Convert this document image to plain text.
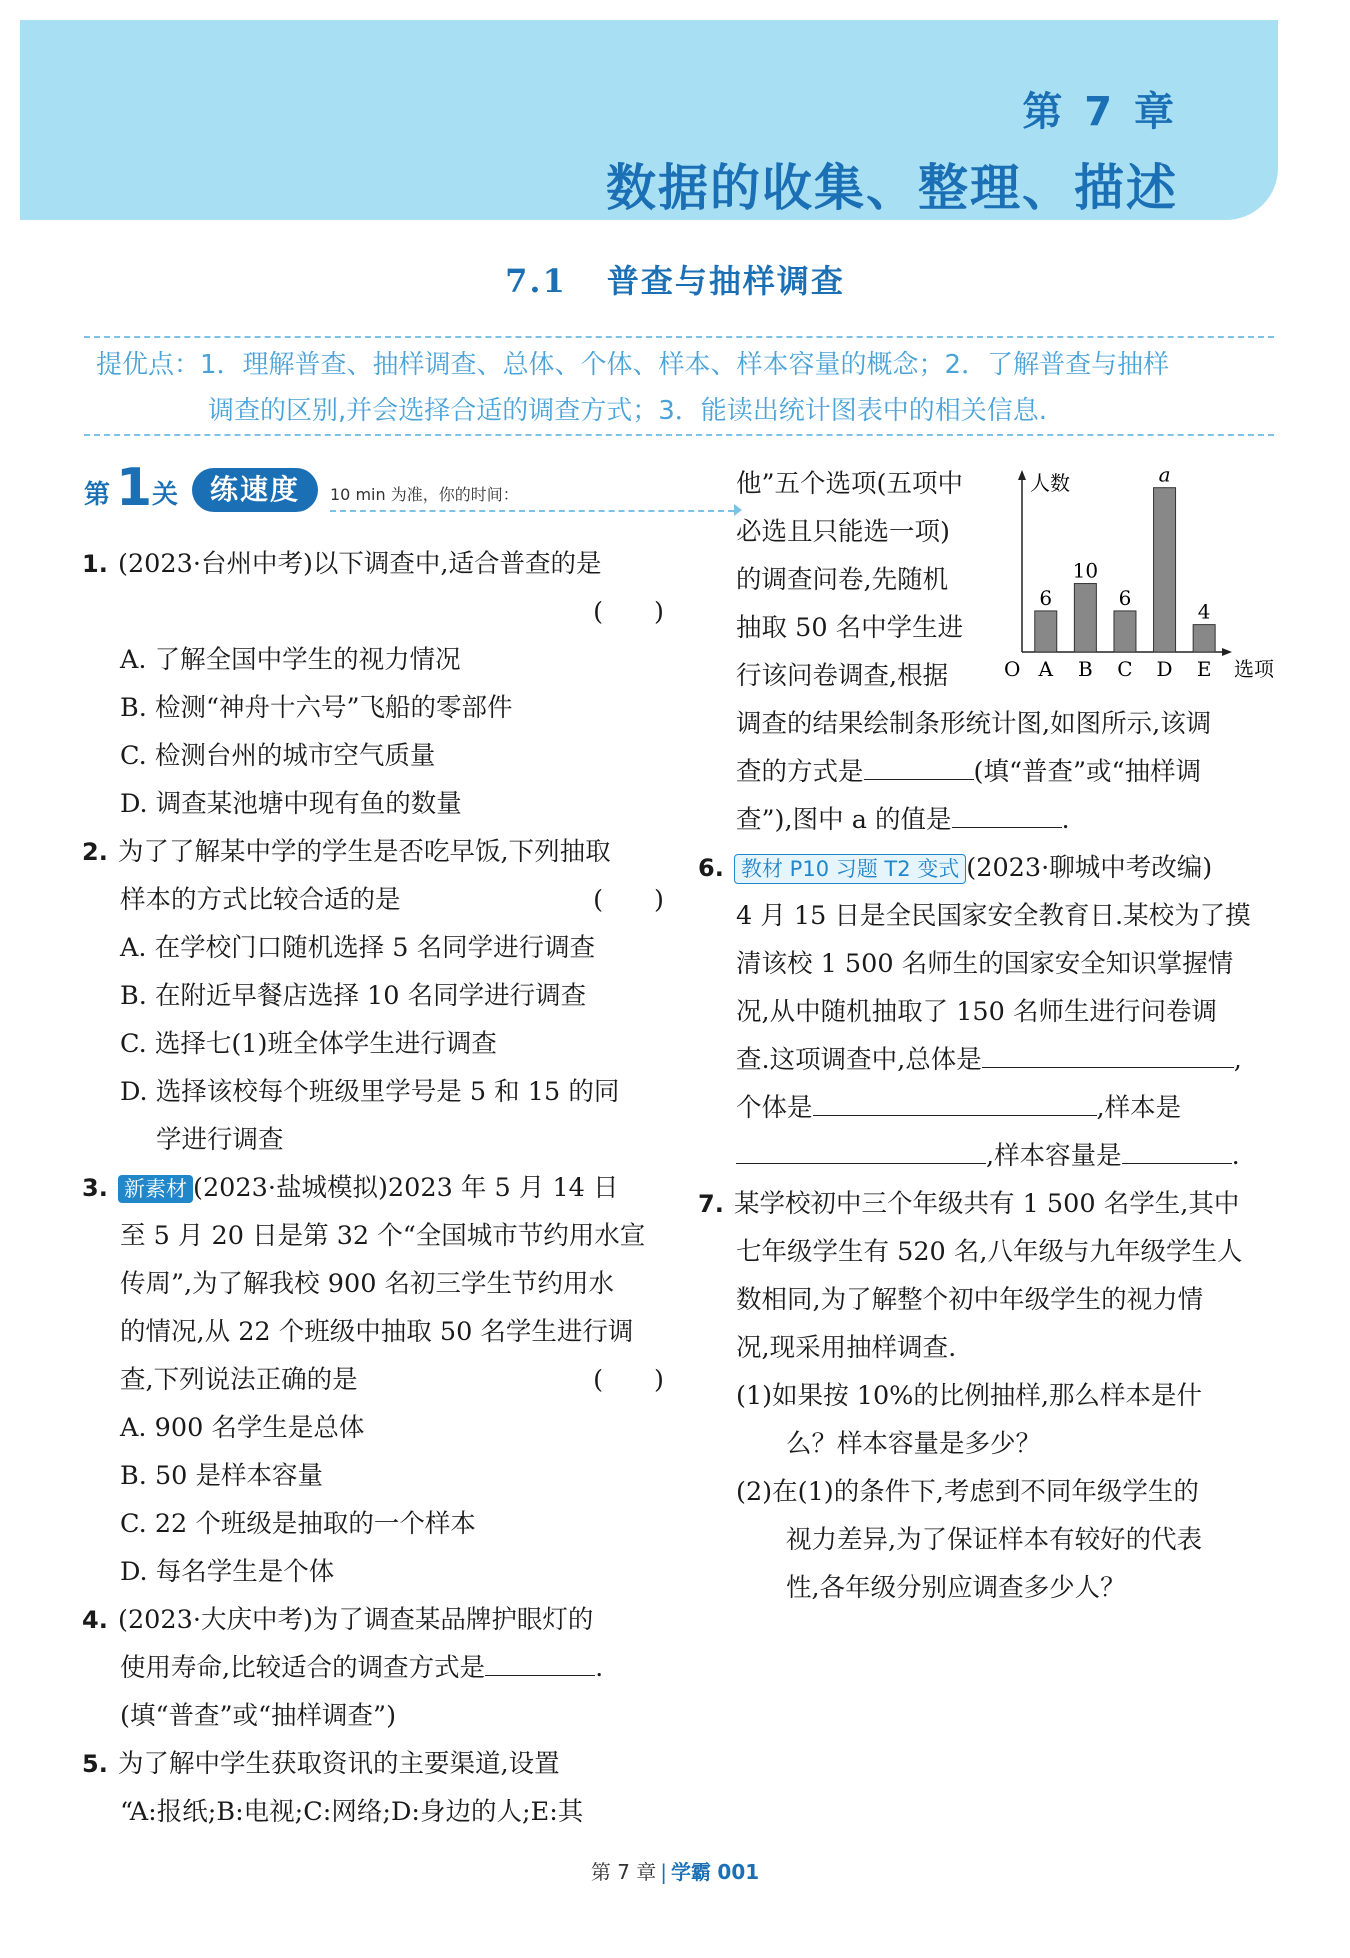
第 7 章
数据的收集、整理、描述
7.1 普查与抽样调查
提优点：1．理解普查、抽样调查、总体、个体、样本、样本容量的概念；2．了解普查与抽样
调查的区别,并会选择合适的调查方式；3．能读出统计图表中的相关信息.
第 1 关	练速度	10 min 为准，你的时间：
1. (2023·台州中考)以下调查中,适合普查的是
(　　)
A. 了解全国中学生的视力情况
B. 检测“神舟十六号”飞船的零部件
C. 检测台州的城市空气质量
D. 调查某池塘中现有鱼的数量
2. 为了了解某中学的学生是否吃早饭,下列抽取
样本的方式比较合适的是	(　　)
A. 在学校门口随机选择 5 名同学进行调查
B. 在附近早餐店选择 10 名同学进行调查
C. 选择七(1)班全体学生进行调查
D. 选择该校每个班级里学号是 5 和 15 的同
学进行调查
3. 新素材 (2023·盐城模拟)2023 年 5 月 14 日
至 5 月 20 日是第 32 个“全国城市节约用水宣
传周”,为了解我校 900 名初三学生节约用水
的情况,从 22 个班级中抽取 50 名学生进行调
查,下列说法正确的是	(　　)
A. 900 名学生是总体
B. 50 是样本容量
C. 22 个班级是抽取的一个样本
D. 每名学生是个体
4. (2023·大庆中考)为了调查某品牌护眼灯的
使用寿命,比较适合的调查方式是	.
(填“普查”或“抽样调查”)
5. 为了解中学生获取资讯的主要渠道,设置
“A:报纸;B:电视;C:网络;D:身边的人;E:其
他”五个选项(五项中
必选且只能选一项)
的调查问卷,先随机
抽取 50 名中学生进
行该问卷调查,根据
调查的结果绘制条形统计图,如图所示,该调
查的方式是	(填“普查”或“抽样调
查”),图中 a 的值是	.
6. 教材 P10 习题 T2 变式 (2023·聊城中考改编)
4 月 15 日是全民国家安全教育日.某校为了摸
清该校 1 500 名师生的国家安全知识掌握情
况,从中随机抽取了 150 名师生进行问卷调
查.这项调查中,总体是	,
个体是	,样本是
,样本容量是	.
7. 某学校初中三个年级共有 1 500 名学生,其中
七年级学生有 520 名,八年级与九年级学生人
数相同,为了解整个初中年级学生的视力情
况,现采用抽样调查.
(1)如果按 10%的比例抽样,那么样本是什
么？样本容量是多少？
(2)在(1)的条件下,考虑到不同年级学生的
视力差异,为了保证样本有较好的代表
性,各年级分别应调查多少人？
人数
选项
O A
6
B
10
C
6
D
a
E
4
第 7 章 | 学霸 001
